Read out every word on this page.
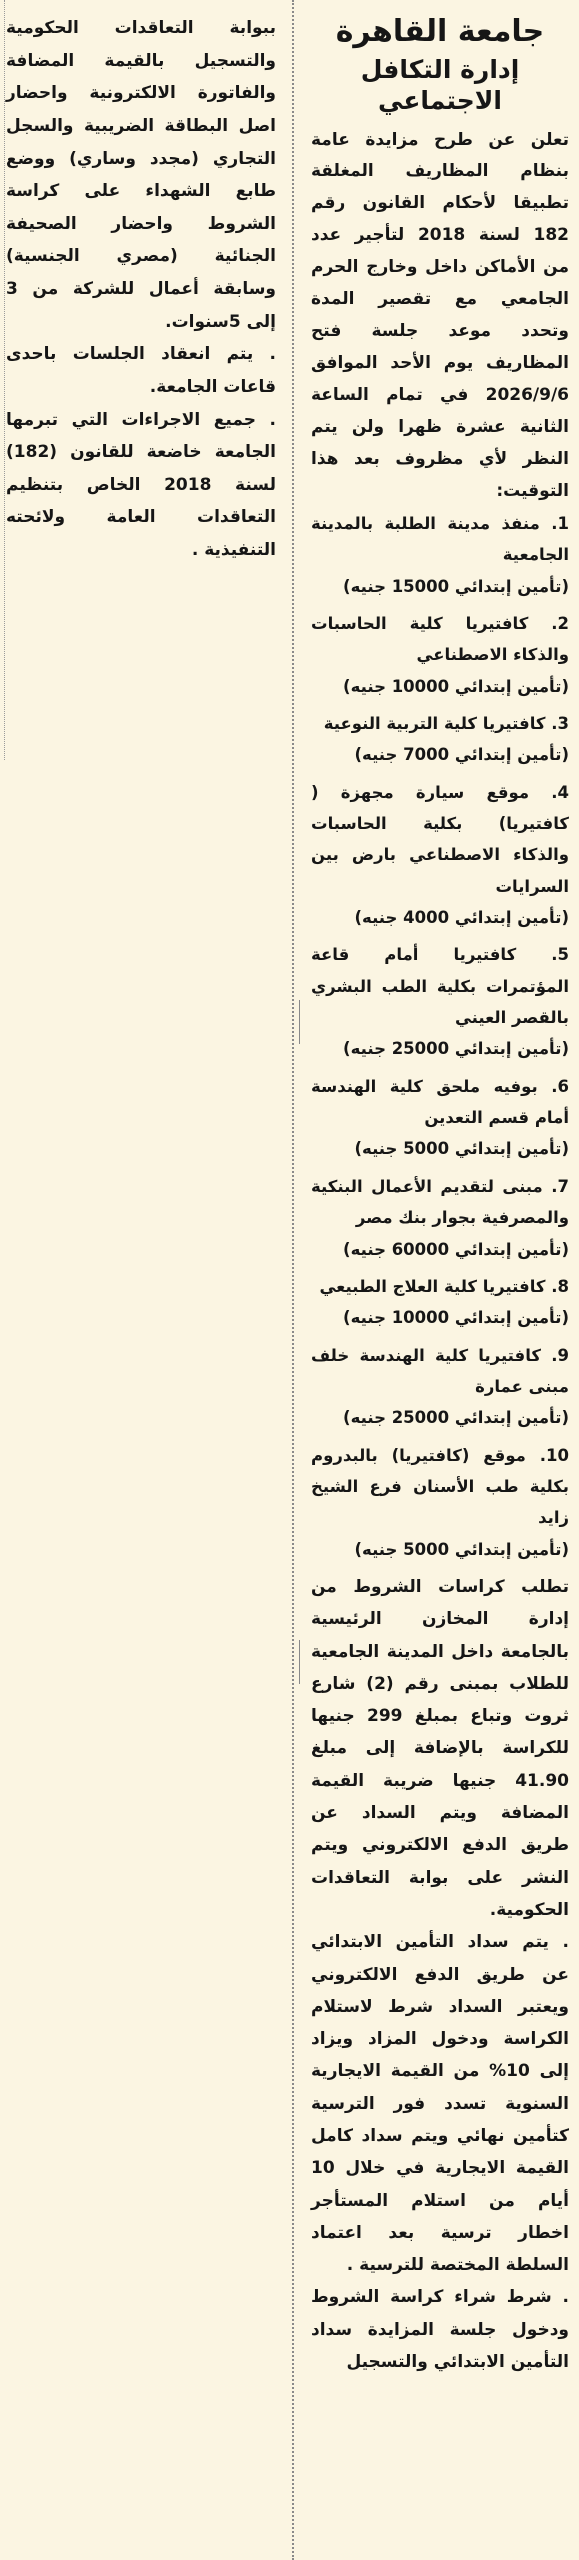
جامعة القاهرة
إدارة التكافل الاجتماعي

تعلن عن طرح مزايدة عامة بنظام المظاريف المغلقة تطبيقا لأحكام القانون رقم 182 لسنة 2018 لتأجير عدد من الأماكن داخل وخارج الحرم الجامعي مع تقصير المدة وتحدد موعد جلسة فتح المظاريف يوم الأحد الموافق 2026/9/6 في تمام الساعة الثانية عشرة ظهرا ولن يتم النظر لأي مظروف بعد هذا التوقيت:

1. منفذ مدينة الطلبة بالمدينة الجامعية

(تأمين إبتدائي 15000 جنيه)

2. كافتيريا كلية الحاسبات والذكاء الاصطناعي

(تأمين إبتدائي 10000 جنيه)

3. كافتيريا كلية التربية النوعية

(تأمين إبتدائي 7000 جنيه)

4. موقع سيارة مجهزة ( كافتيريا) بكلية الحاسبات والذكاء الاصطناعي بارض بين السرايات

(تأمين إبتدائي 4000 جنيه)

5. كافتيريا أمام قاعة المؤتمرات بكلية الطب البشري بالقصر العيني

(تأمين إبتدائي 25000 جنيه)

6. بوفيه ملحق كلية الهندسة أمام قسم التعدين

(تأمين إبتدائي 5000 جنيه)

7. مبنى لتقديم الأعمال البنكية والمصرفية بجوار بنك مصر

(تأمين إبتدائي 60000 جنيه)

8. كافتيريا كلية العلاج الطبيعي

(تأمين إبتدائي 10000 جنيه)

9. كافتيريا كلية الهندسة خلف مبنى عمارة

(تأمين إبتدائي 25000 جنيه)

10. موقع (كافتيريا) بالبدروم بكلية طب الأسنان فرع الشيخ زايد

(تأمين إبتدائي 5000 جنيه)

تطلب كراسات الشروط من إدارة المخازن الرئيسية بالجامعة داخل المدينة الجامعية للطلاب بمبنى رقم (2) شارع ثروت وتباع بمبلغ 299 جنيها للكراسة بالإضافة إلى مبلغ 41.90 جنيها ضريبة القيمة المضافة ويتم السداد عن طريق الدفع الالكتروني ويتم النشر على بوابة التعاقدات الحكومية.

. يتم سداد التأمين الابتدائي عن طريق الدفع الالكتروني ويعتبر السداد شرط لاستلام الكراسة ودخول المزاد ويزاد إلى 10% من القيمة الايجارية السنوية تسدد فور الترسية كتأمين نهائي ويتم سداد كامل القيمة الايجارية في خلال 10 أيام من استلام المستأجر اخطار ترسية بعد اعتماد السلطة المختصة للترسية .

. شرط شراء كراسة الشروط ودخول جلسة المزايدة سداد التأمين الابتدائي والتسجيل

ببوابة التعاقدات الحكومية والتسجيل بالقيمة المضافة والفاتورة الالكترونية واحضار اصل البطاقة الضريبية والسجل التجاري (مجدد وساري) ووضع طابع الشهداء على كراسة الشروط واحضار الصحيفة الجنائية (مصري الجنسية) وسابقة أعمال للشركة من 3 إلى 5سنوات.

. يتم انعقاد الجلسات باحدى قاعات الجامعة.

. جميع الاجراءات التي تبرمها الجامعة خاضعة للقانون (182) لسنة 2018 الخاص بتنظيم التعاقدات العامة ولائحته التنفيذية .
